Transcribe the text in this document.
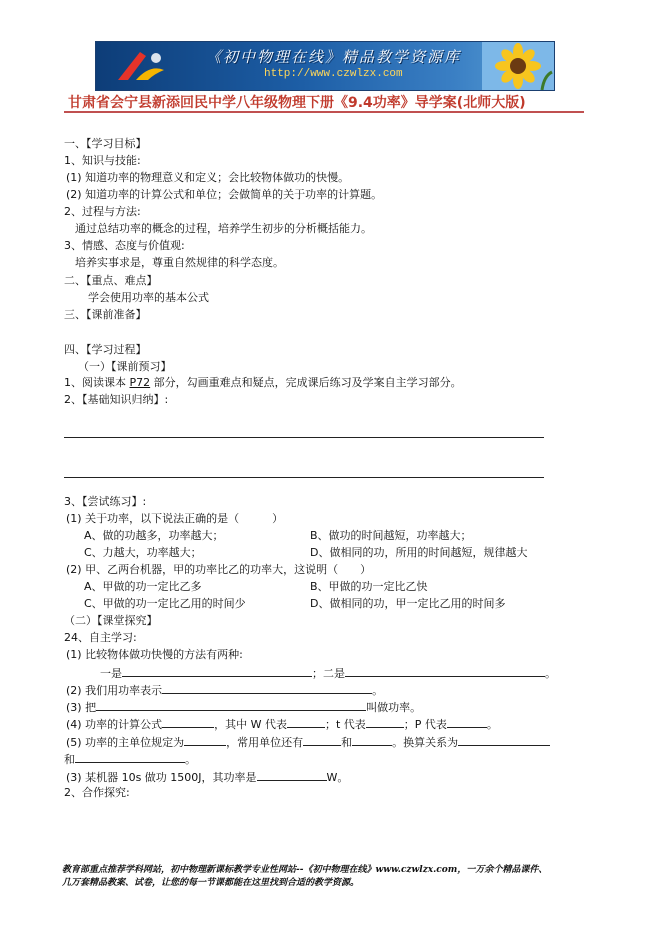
《初中物理在线》精品教学资源库
http://www.czwlzx.com
甘肃省会宁县新添回民中学八年级物理下册《9.4功率》导学案(北师大版)
一、【学习目标】
1、知识与技能:
(1) 知道功率的物理意义和定义；会比较物体做功的快慢。
(2) 知道功率的计算公式和单位；会做简单的关于功率的计算题。
2、过程与方法:
通过总结功率的概念的过程，培养学生初步的分析概括能力。
3、情感、态度与价值观:
培养实事求是，尊重自然规律的科学态度。
二、【重点、难点】
学会使用功率的基本公式
三、【课前准备】
四、【学习过程】
（一）【课前预习】
1、阅读课本 P72 部分，勾画重难点和疑点，完成课后练习及学案自主学习部分。
2、【基础知识归纳】:
3、【尝试练习】:
(1) 关于功率，以下说法正确的是（　　　）
A、做的功越多，功率越大；	B、做功的时间越短，功率越大；
C、力越大，功率越大；	D、做相同的功，所用的时间越短，规律越大
(2) 甲、乙两台机器，甲的功率比乙的功率大，这说明（　　）
A、甲做的功一定比乙多	B、甲做的功一定比乙快
C、甲做的功一定比乙用的时间少	D、做相同的功，甲一定比乙用的时间多
（二）【课堂探究】
24、自主学习:
(1) 比较物体做功快慢的方法有两种:
一是	；二是	。
(2) 我们用功率表示	。
(3) 把	叫做功率。
(4) 功率的计算公式	，其中 W 代表	；t 代表	；P 代表	。
(5) 功率的主单位规定为	，常用单位还有	和	。换算关系为
和	。
(3) 某机器 10s 做功 1500J，其功率是	W。
2、合作探究:
教育部重点推荐学科网站，初中物理新课标教学专业性网站--《初中物理在线》www.czwlzx.com，一万余个精品课件、
几万套精品教案、试卷，让您的每一节课都能在这里找到合适的教学资源。
